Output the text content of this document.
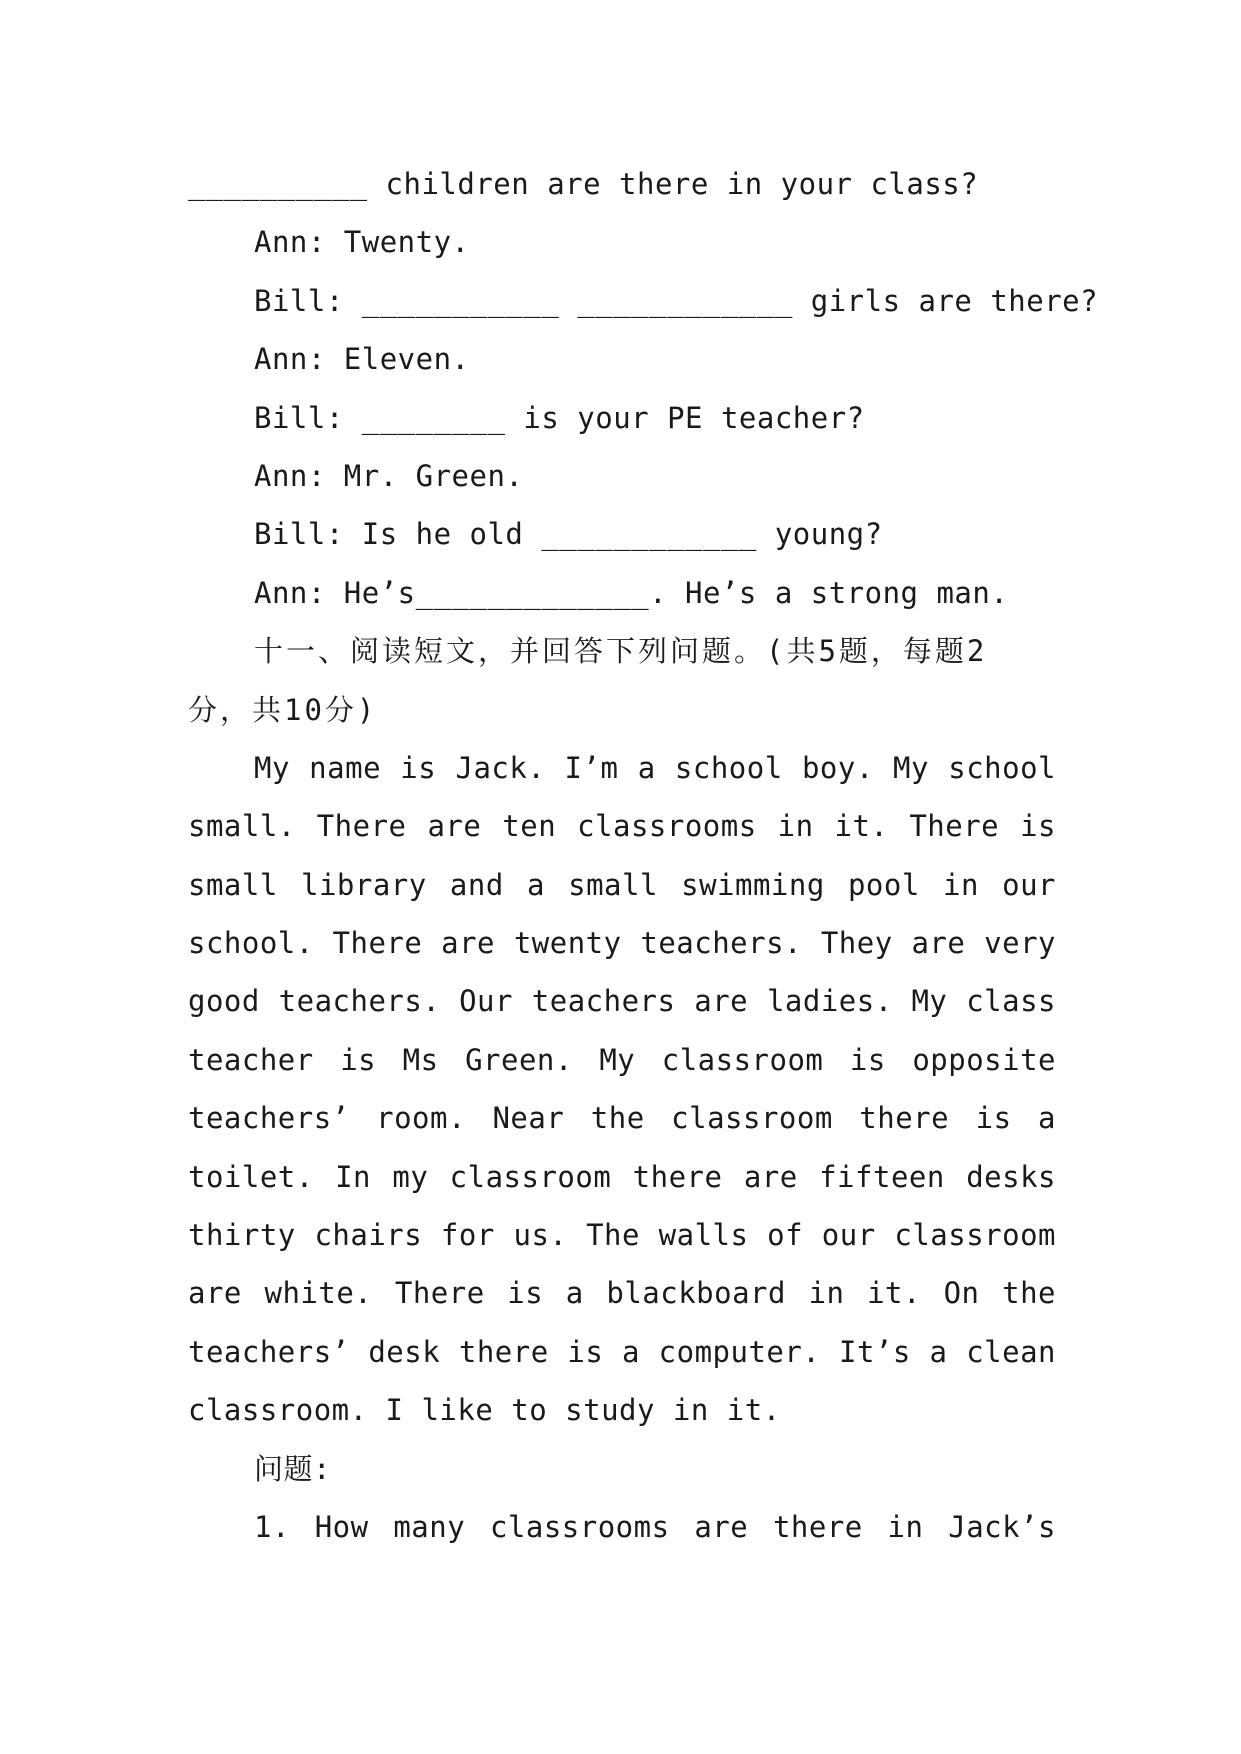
__________ children are there in your class?
Ann: Twenty.
Bill: ___________ ____________ girls are there?
Ann: Eleven.
Bill: ________ is your PE teacher?
Ann: Mr. Green.
Bill: Is he old ____________ young?
Ann: He’s_____________. He’s a strong man.
十一、阅读短文，并回答下列问题。(共5题，每题2
分，共10分)
My name is Jack. I’m a school boy. My school
small. There are ten classrooms in it. There is
small library and a small swimming pool in our
school. There are twenty teachers. They are very
good teachers. Our teachers are ladies. My class
teacher is Ms Green. My classroom is opposite
teachers’ room. Near the classroom there is a
toilet. In my classroom there are fifteen desks
thirty chairs for us. The walls of our classroom
are white. There is a blackboard in it. On the
teachers’ desk there is a computer. It’s a clean
classroom. I like to study in it.
问题:
1. How many classrooms are there in Jack’s
